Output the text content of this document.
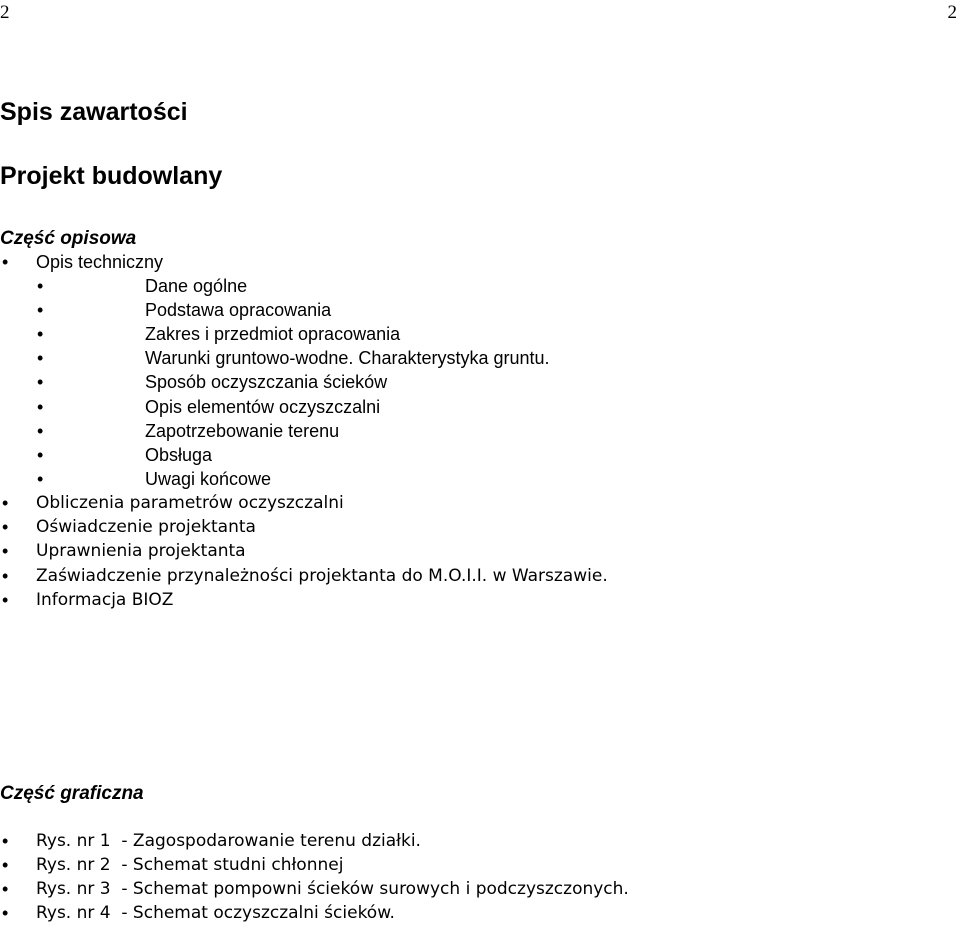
2	2
Spis zawartości
Projekt budowlany
Część opisowa
• Opis techniczny
•	Dane ogólne
•	Podstawa opracowania
•	Zakres i przedmiot opracowania
•	Warunki gruntowo-wodne. Charakterystyka gruntu.
•	Sposób oczyszczania ścieków
•	Opis elementów oczyszczalni
•	Zapotrzebowanie terenu
•	Obsługa
•	Uwagi końcowe
• Obliczenia parametrów oczyszczalni
• Oświadczenie projektanta
• Uprawnienia projektanta
• Zaświadczenie przynależności projektanta do M.O.I.I. w Warszawie.
• Informacja BIOZ
Część graficzna
• Rys. nr 1  - Zagospodarowanie terenu działki.
• Rys. nr 2  - Schemat studni chłonnej
• Rys. nr 3  - Schemat pompowni ścieków surowych i podczyszczonych.
• Rys. nr 4  - Schemat oczyszczalni ścieków.
